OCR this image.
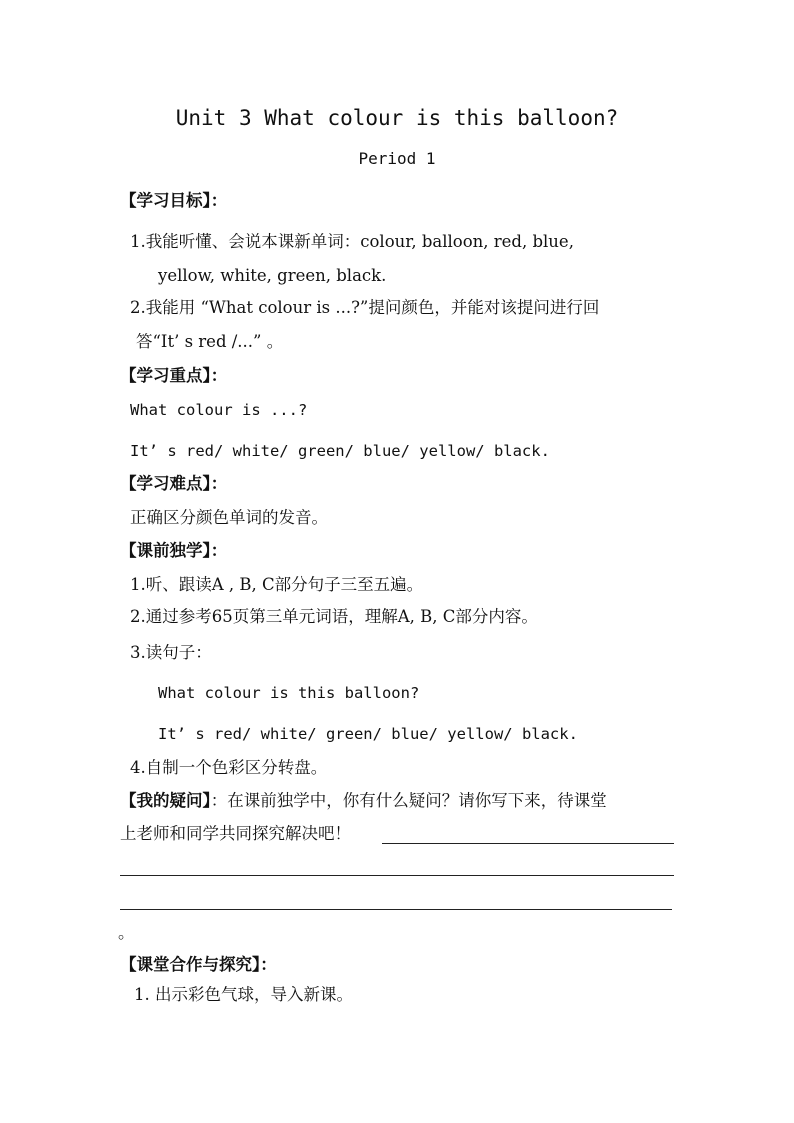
Unit 3 What colour is this balloon?
Period 1
【学习目标】：
1.我能听懂、会说本课新单词：colour, balloon, red, blue,
yellow, white, green, black.
2.我能用 “What colour is ...?”提问颜色，并能对该提问进行回
答“It’ s red /...” 。
【学习重点】：
What colour is ...?
It’ s red/ white/ green/ blue/ yellow/ black.
【学习难点】：
正确区分颜色单词的发音。
【课前独学】：
1.听、跟读A , B, C部分句子三至五遍。
2.通过参考65页第三单元词语，理解A, B, C部分内容。
3.读句子：
What colour is this balloon?
It’ s red/ white/ green/ blue/ yellow/ black.
4.自制一个色彩区分转盘。
【我的疑问】：在课前独学中，你有什么疑问？请你写下来，待课堂
上老师和同学共同探究解决吧！
。
【课堂合作与探究】：
1. 出示彩色气球，导入新课。
